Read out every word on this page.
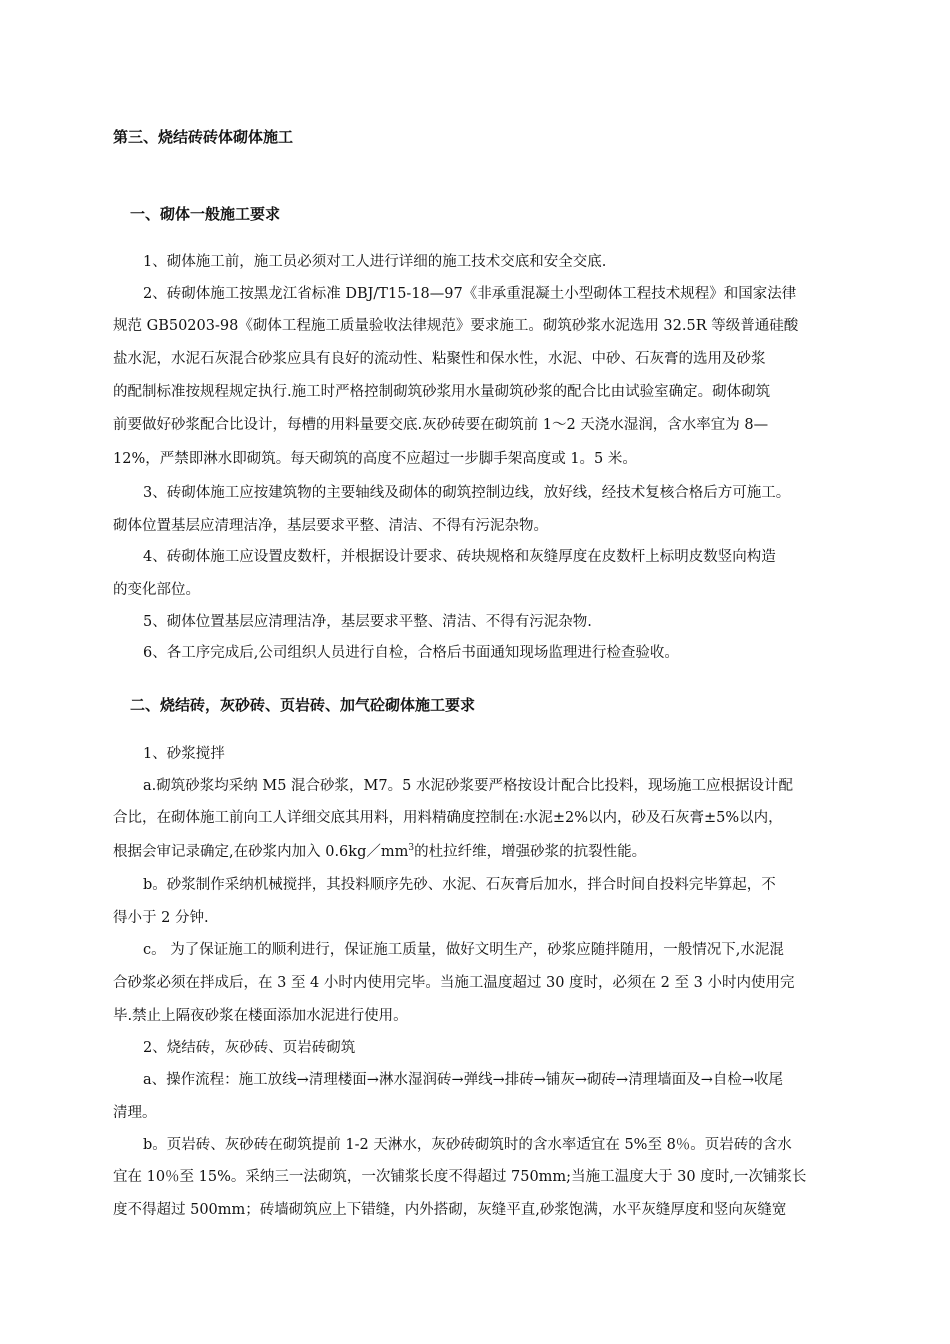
第三、烧结砖砖体砌体施工
一、砌体一般施工要求
1、砌体施工前，施工员必须对工人进行详细的施工技术交底和安全交底.
2、砖砌体施工按黑龙江省标准 DBJ/T15-18—97《非承重混凝土小型砌体工程技术规程》和国家法律
规范 GB50203-98《砌体工程施工质量验收法律规范》要求施工。砌筑砂浆水泥选用 32.5R 等级普通硅酸
盐水泥，水泥石灰混合砂浆应具有良好的流动性、粘聚性和保水性，水泥、中砂、石灰膏的选用及砂浆
的配制标准按规程规定执行.施工时严格控制砌筑砂浆用水量砌筑砂浆的配合比由试验室确定。砌体砌筑
前要做好砂浆配合比设计，每槽的用料量要交底.灰砂砖要在砌筑前 1～2 天浇水湿润，含水率宜为 8—
12%，严禁即淋水即砌筑。每天砌筑的高度不应超过一步脚手架高度或 1。5 米。
3、砖砌体施工应按建筑物的主要轴线及砌体的砌筑控制边线，放好线，经技术复核合格后方可施工。
砌体位置基层应清理洁净，基层要求平整、清洁、不得有污泥杂物。
4、砖砌体施工应设置皮数杆，并根据设计要求、砖块规格和灰缝厚度在皮数杆上标明皮数竖向构造
的变化部位。
5、砌体位置基层应清理洁净，基层要求平整、清洁、不得有污泥杂物.
6、各工序完成后,公司组织人员进行自检，合格后书面通知现场监理进行检查验收。
二、烧结砖，灰砂砖、页岩砖、加气砼砌体施工要求
1、砂浆搅拌
a.砌筑砂浆均采纳 M5 混合砂浆，M7。5 水泥砂浆要严格按设计配合比投料，现场施工应根据设计配
合比，在砌体施工前向工人详细交底其用料，用料精确度控制在:水泥±2%以内，砂及石灰膏±5%以内，
根据会审记录确定,在砂浆内加入 $0.6kg/mm^3$的杜拉纤维，增强砂浆的抗裂性能。
b。砂浆制作采纳机械搅拌，其投料顺序先砂、水泥、石灰膏后加水，拌合时间自投料完毕算起，不
得小于 2 分钟.
c。 为了保证施工的顺利进行，保证施工质量，做好文明生产，砂浆应随拌随用，一般情况下,水泥混
合砂浆必须在拌成后，在 3 至 4 小时内使用完毕。当施工温度超过 30 度时，必须在 2 至 3 小时内使用完
毕.禁止上隔夜砂浆在楼面添加水泥进行使用。
2、烧结砖，灰砂砖、页岩砖砌筑
a、操作流程：施工放线→清理楼面→淋水湿润砖→弹线→排砖→铺灰→砌砖→清理墙面及→自检→收尾
清理。
b。页岩砖、灰砂砖在砌筑提前 1-2 天淋水，灰砂砖砌筑时的含水率适宜在 5%至 8％。页岩砖的含水
宜在 10％至 15%。采纳三一法砌筑，一次铺浆长度不得超过 750mm;当施工温度大于 30 度时,一次铺浆长
度不得超过 500mm；砖墙砌筑应上下错缝，内外搭砌，灰缝平直,砂浆饱满，水平灰缝厚度和竖向灰缝宽
